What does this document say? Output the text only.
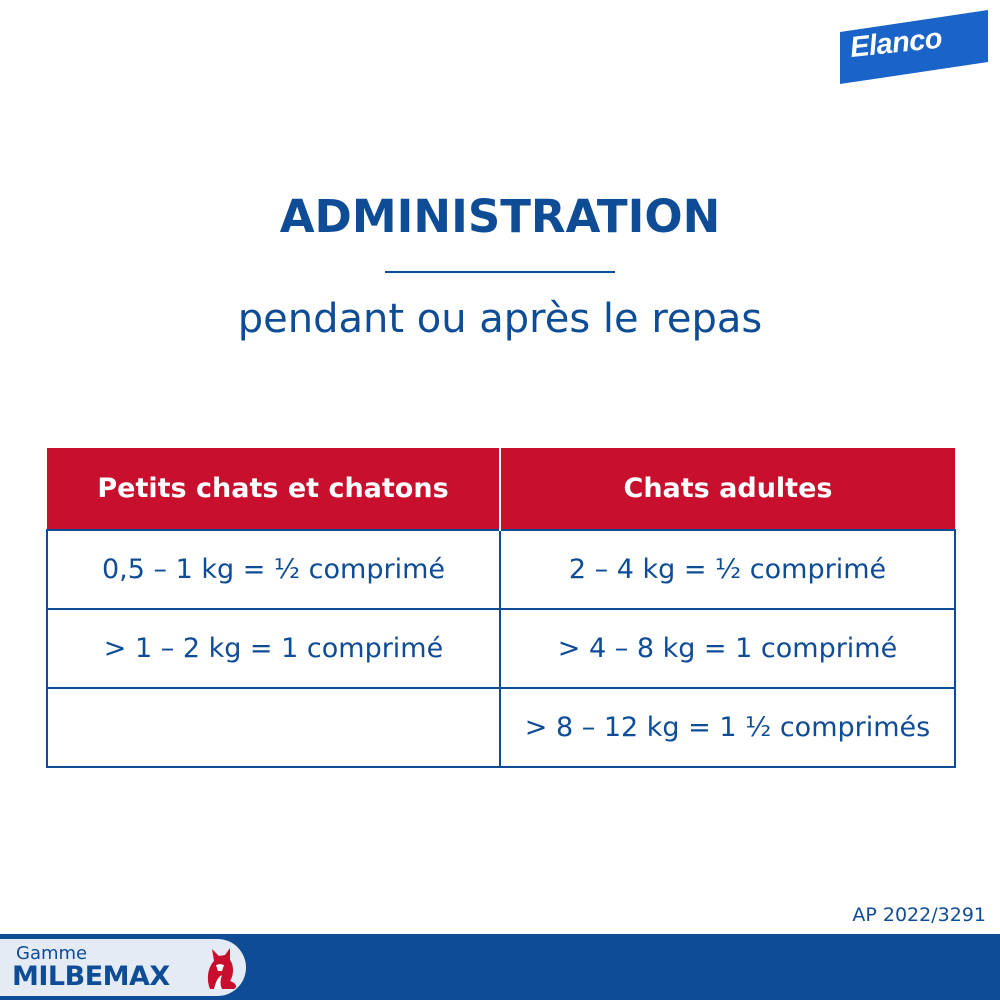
Elanco
ADMINISTRATION

pendant ou après le repas

Petits chats et chatons	Chats adultes
0,5 – 1 kg = ½ comprimé	2 – 4 kg = ½ comprimé
> 1 – 2 kg = 1 comprimé	> 4 – 8 kg = 1 comprimé
	> 8 – 12 kg = 1 ½ comprimés
AP 2022/3291
Gamme
MILBEMAX
